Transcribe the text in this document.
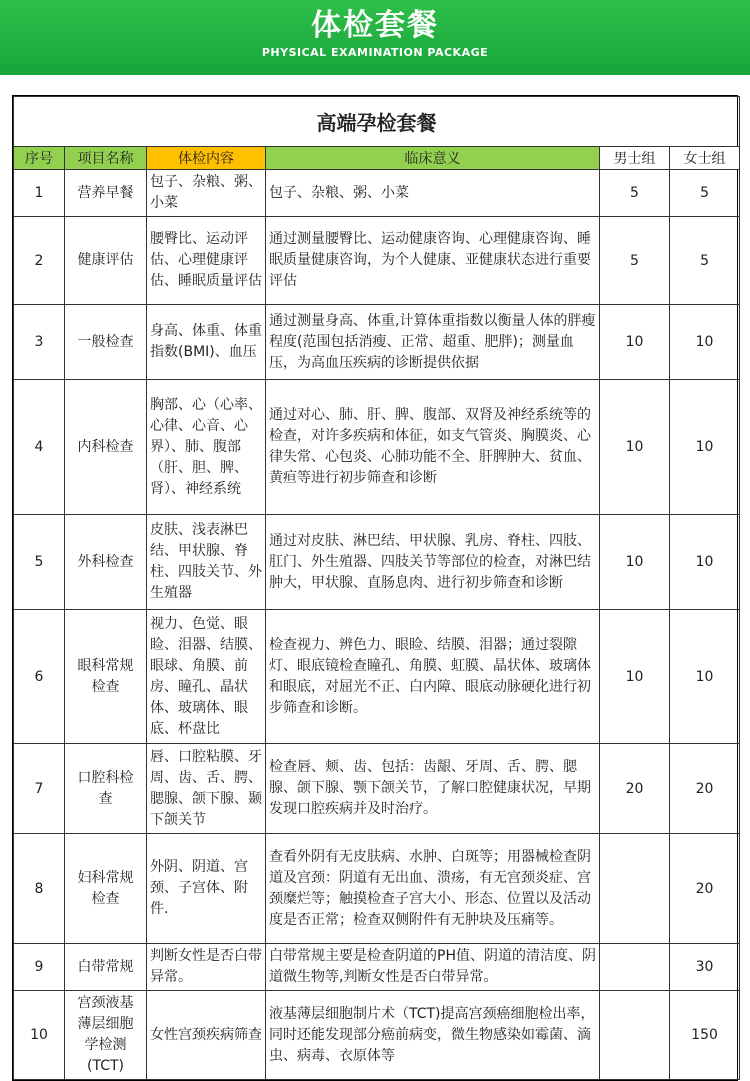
体检套餐
PHYSICAL EXAMINATION PACKAGE
高端孕检套餐					
序号	项目名称	体检内容	临床意义	男士组	女士组
1	营养早餐	包子、杂粮、粥、小菜	包子、杂粮、粥、小菜	5	5
2	健康评估	腰臀比、运动评估、心理健康评估、睡眠质量评估	通过测量腰臀比、运动健康咨询、心理健康咨询、睡眠质量健康咨询，为个人健康、亚健康状态进行重要评估	5	5
3	一般检查	身高、体重、体重指数(BMI)、血压	通过测量身高、体重,计算体重指数以衡量人体的胖瘦程度(范围包括消瘦、正常、超重、肥胖)；测量血压，为高血压疾病的诊断提供依据	10	10
4	内科检查	胸部、心（心率、心律、心音、心界）、肺、腹部（肝、胆、脾、肾）、神经系统	通过对心、肺、肝、脾、腹部、双肾及神经系统等的检查，对许多疾病和体征，如支气管炎、胸膜炎、心律失常、心包炎、心肺功能不全、肝脾肿大、贫血、黄疸等进行初步筛查和诊断	10	10
5	外科检查	皮肤、浅表淋巴结、甲状腺、脊柱、四肢关节、外生殖器	通过对皮肤、淋巴结、甲状腺、乳房、脊柱、四肢、肛门、外生殖器、四肢关节等部位的检查，对淋巴结肿大，甲状腺、直肠息肉、进行初步筛查和诊断	10	10
6	眼科常规检查	视力、色觉、眼睑、泪器、结膜、眼球、角膜、前房、瞳孔、晶状体、玻璃体、眼底、杯盘比	检查视力、辨色力、眼睑、结膜、泪器；通过裂隙灯、眼底镜检查瞳孔、角膜、虹膜、晶状体、玻璃体和眼底，对屈光不正、白内障、眼底动脉硬化进行初步筛查和诊断。	10	10
7	口腔科检查	唇、口腔粘膜、牙周、齿、舌、腭、腮腺、颌下腺、颞下颌关节	检查唇、颊、齿、包括：齿龈、牙周、舌、腭、腮腺、颌下腺、颚下颌关节，了解口腔健康状况，早期发现口腔疾病并及时治疗。	20	20
8	妇科常规检查	外阴、阴道、宫颈、子宫体、附件.	查看外阴有无皮肤病、水肿、白斑等；用器械检查阴道及宫颈：阴道有无出血、溃疡，有无宫颈炎症、宫颈糜烂等；触摸检查子宫大小、形态、位置以及活动度是否正常；检查双侧附件有无肿块及压痛等。		20
9	白带常规	判断女性是否白带异常。	白带常规主要是检查阴道的PH值、阴道的清洁度、阴道微生物等,判断女性是否白带异常。		30
10	宫颈液基薄层细胞学检测(TCT)	女性宫颈疾病筛查	液基薄层细胞制片术（TCT)提高宫颈癌细胞检出率，同时还能发现部分癌前病变，微生物感染如霉菌、滴虫、病毒、衣原体等		150
